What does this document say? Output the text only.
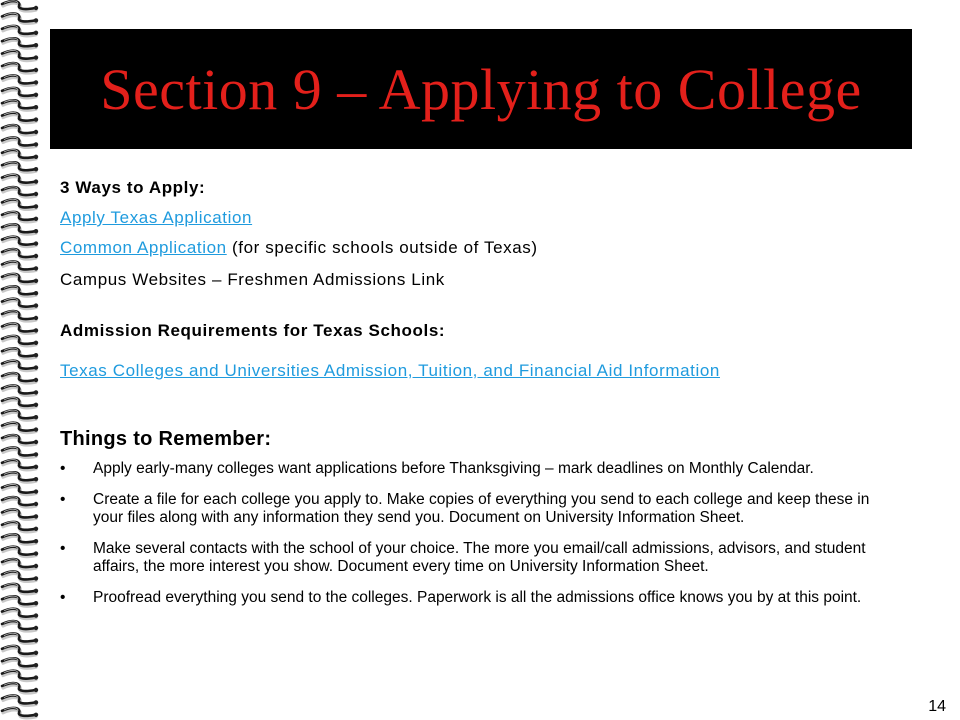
Section 9 – Applying to College
3 Ways to Apply:
Apply Texas Application
Common Application (for specific schools outside of Texas)
Campus Websites – Freshmen Admissions Link
Admission Requirements for Texas Schools:
Texas Colleges and Universities Admission, Tuition, and Financial Aid Information
Things to Remember:
• Apply early-many colleges want applications before Thanksgiving – mark deadlines on Monthly Calendar.
• Create a file for each college you apply to. Make copies of everything you send to each college and keep these in your files along with any information they send you. Document on University Information Sheet.
• Make several contacts with the school of your choice. The more you email/call admissions, advisors, and student affairs, the more interest you show. Document every time on University Information Sheet.
• Proofread everything you send to the colleges. Paperwork is all the admissions office knows you by at this point.
14
